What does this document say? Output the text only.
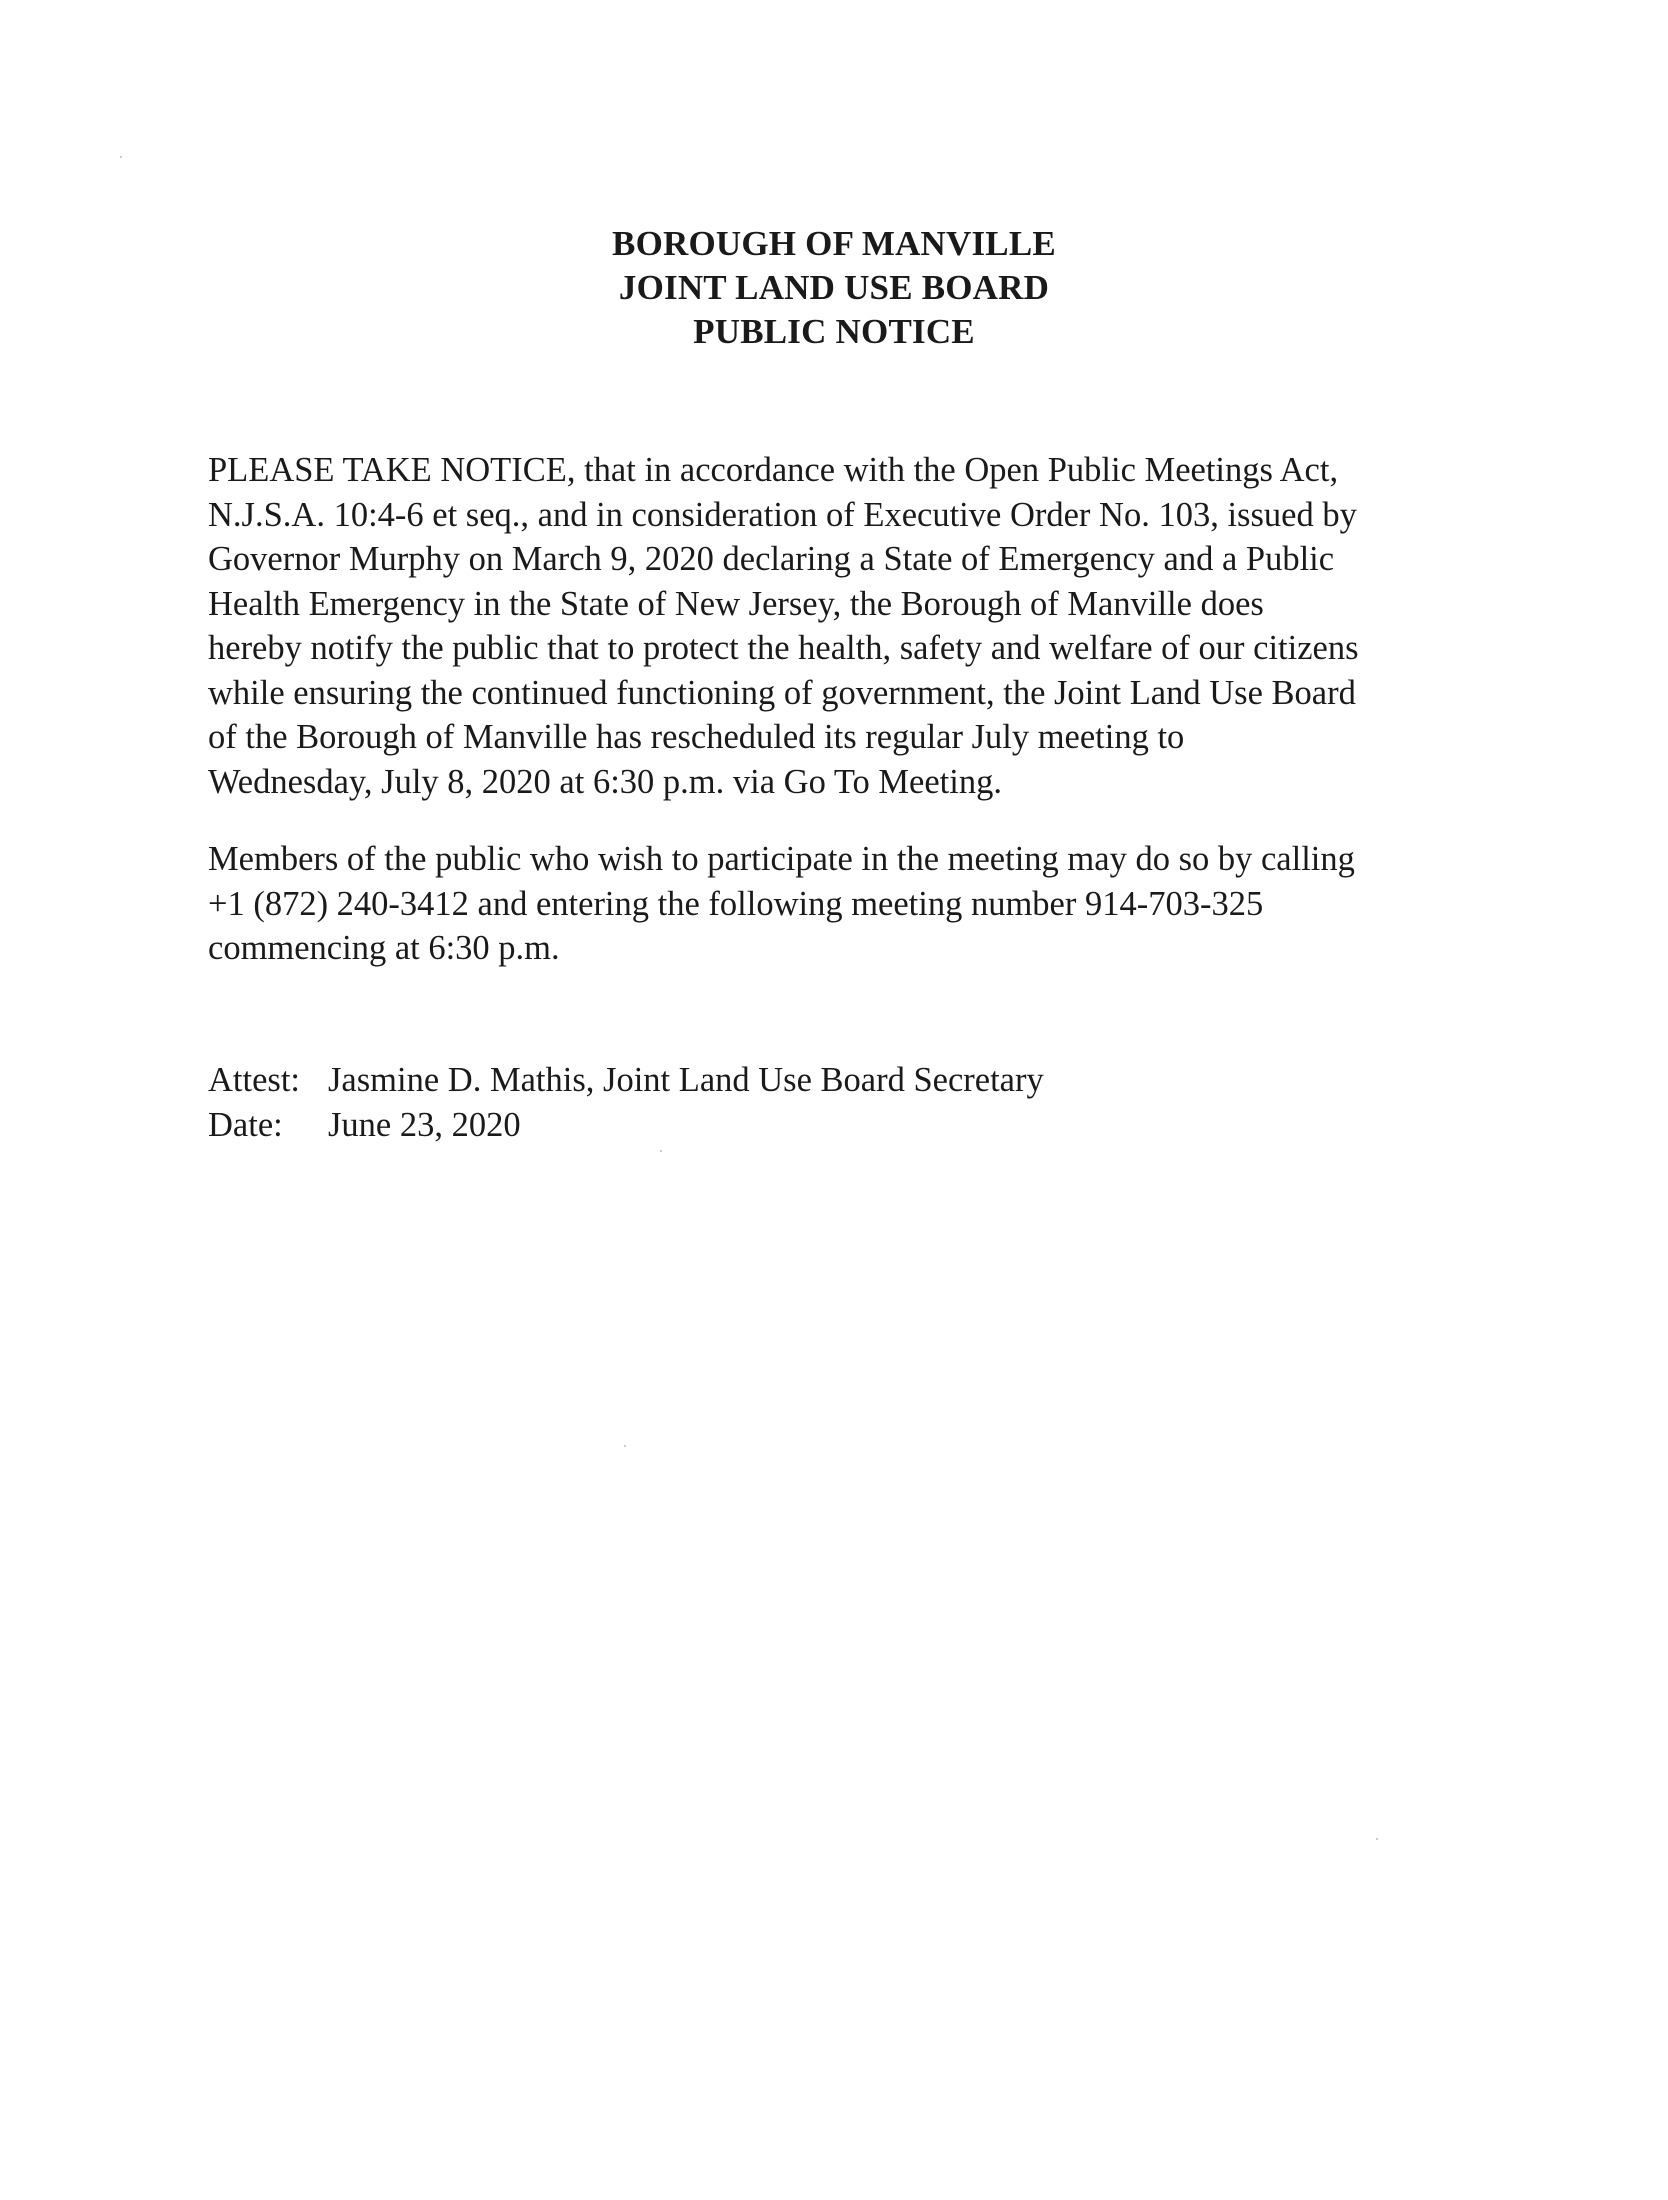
BOROUGH OF MANVILLE
JOINT LAND USE BOARD
PUBLIC NOTICE
PLEASE TAKE NOTICE, that in accordance with the Open Public Meetings Act,
N.J.S.A. 10:4-6 et seq., and in consideration of Executive Order No. 103, issued by
Governor Murphy on March 9, 2020 declaring a State of Emergency and a Public
Health Emergency in the State of New Jersey, the Borough of Manville does
hereby notify the public that to protect the health, safety and welfare of our citizens
while ensuring the continued functioning of government, the Joint Land Use Board
of the Borough of Manville has rescheduled its regular July meeting to
Wednesday, July 8, 2020 at 6:30 p.m. via Go To Meeting.
Members of the public who wish to participate in the meeting may do so by calling
+1 (872) 240-3412 and entering the following meeting number 914-703-325
commencing at 6:30 p.m.
Attest: Jasmine D. Mathis, Joint Land Use Board Secretary
Date:	June 23, 2020
